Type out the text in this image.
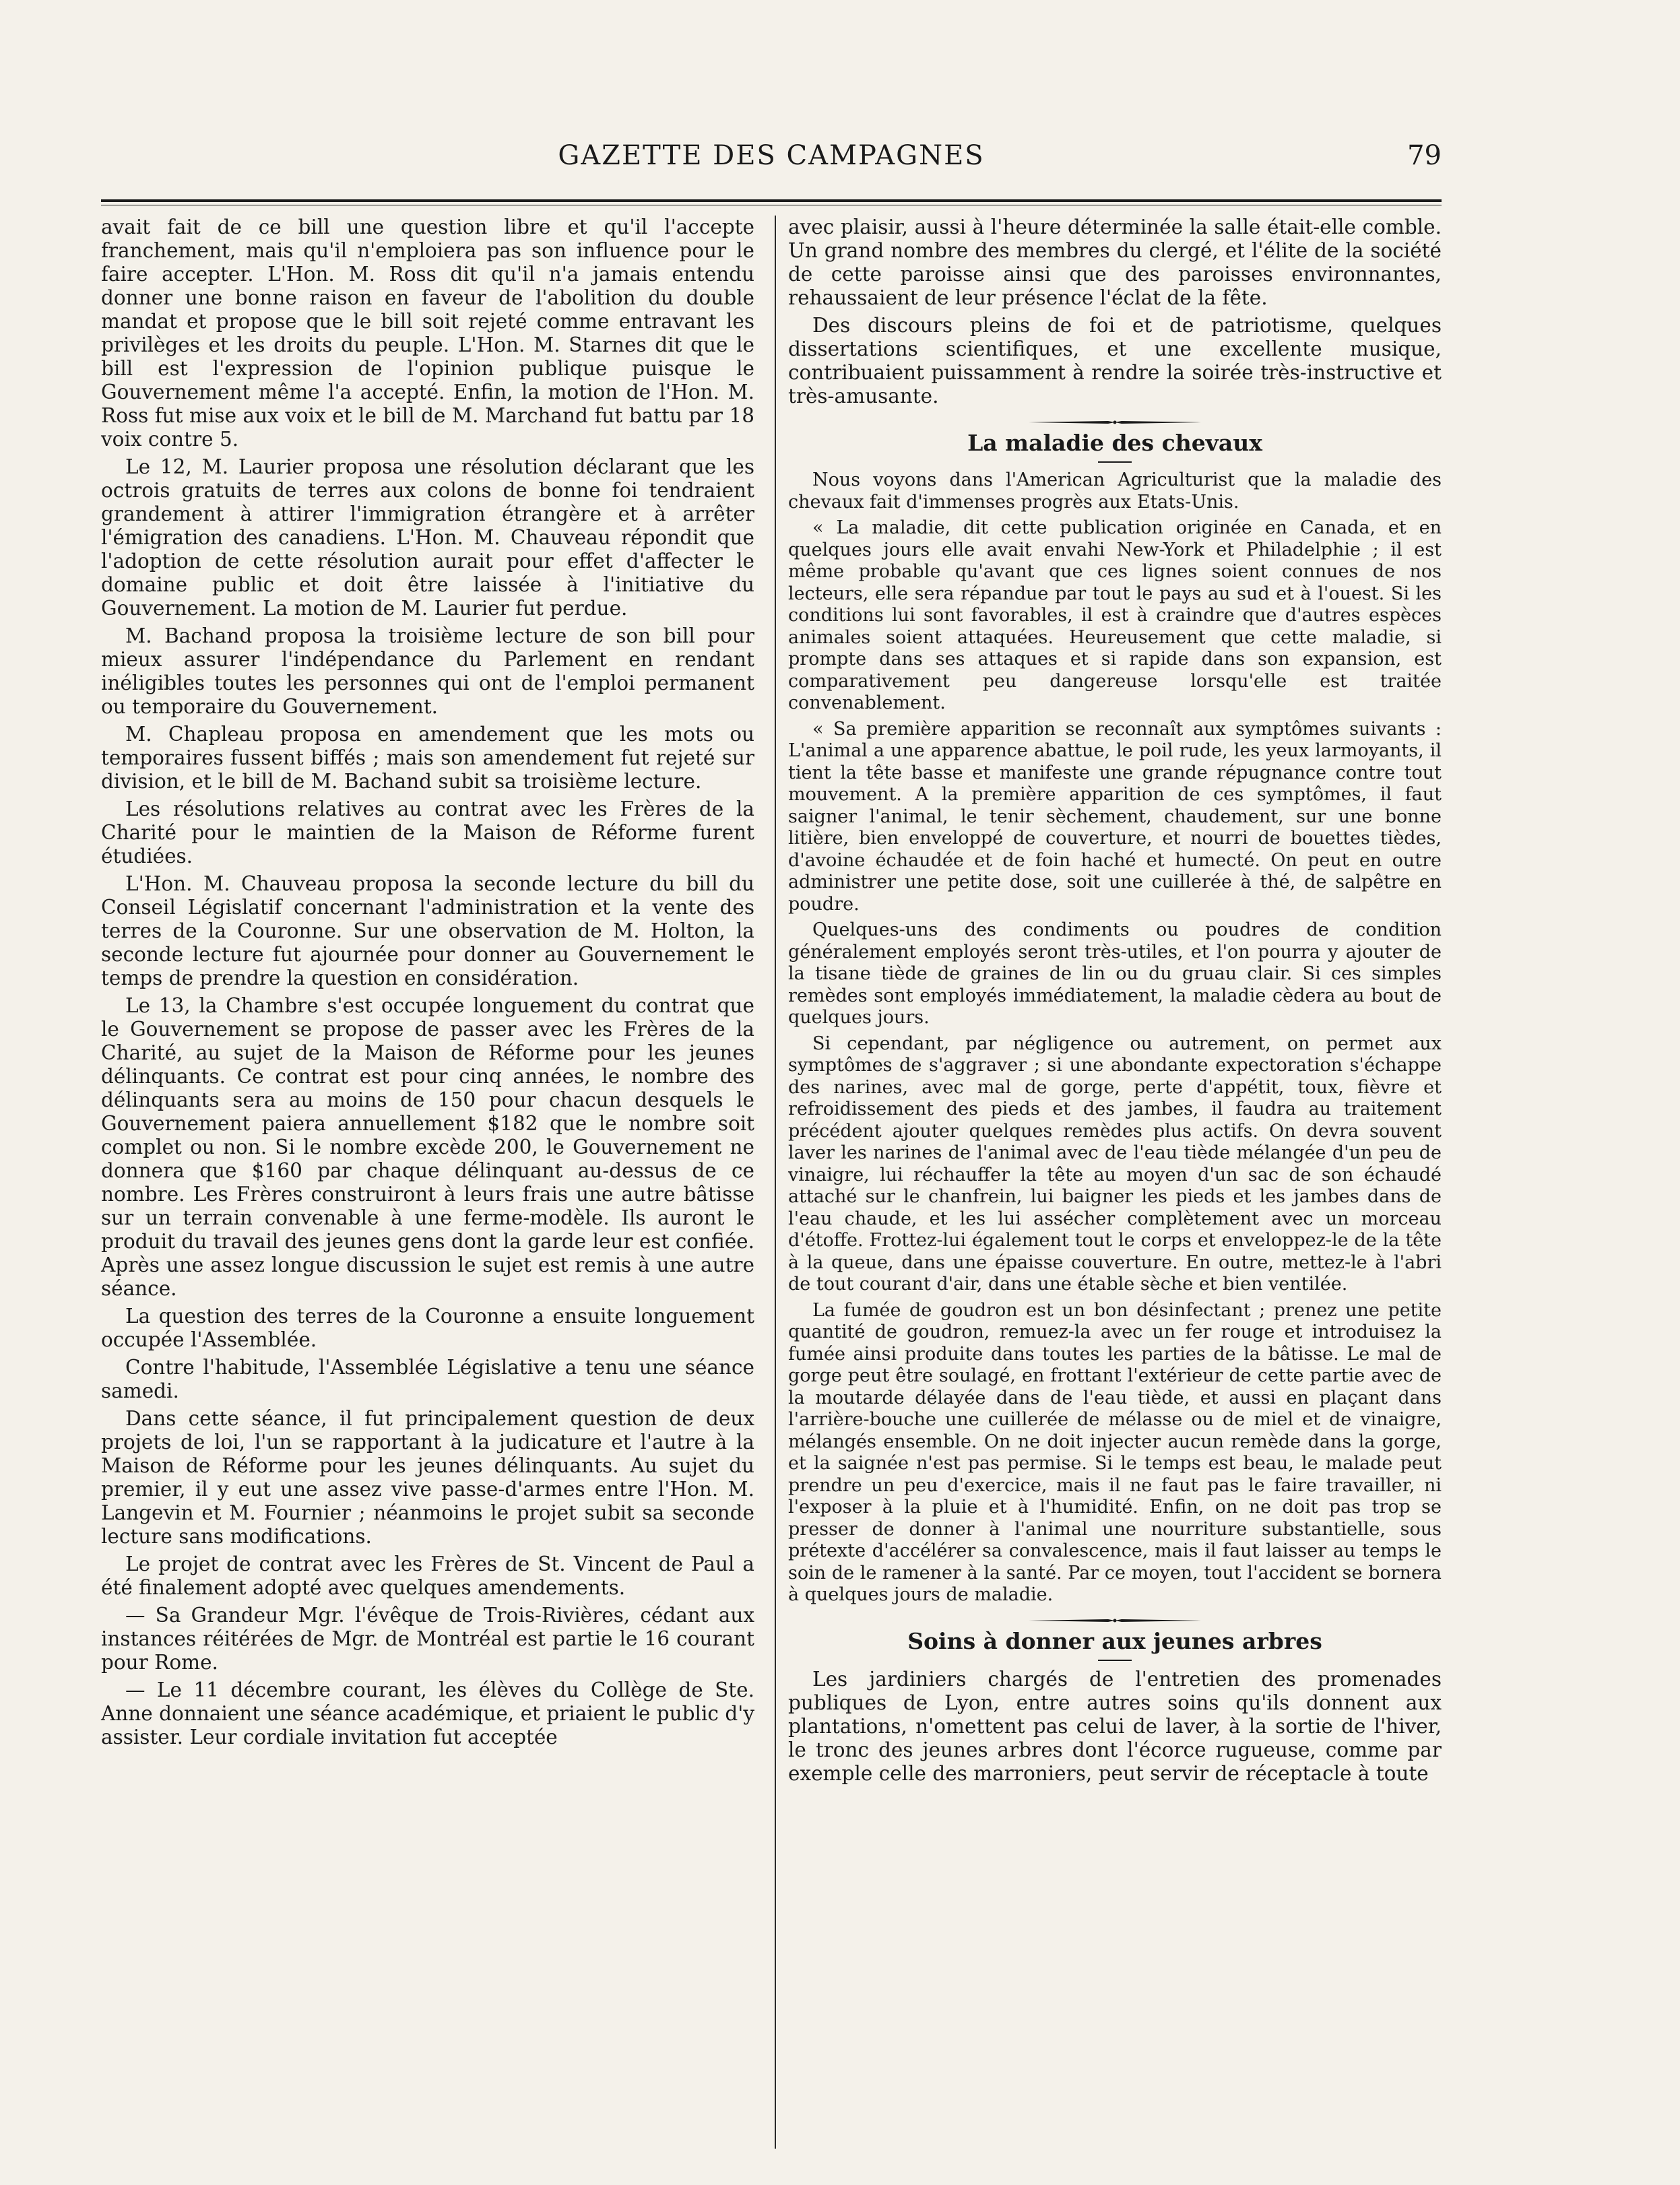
GAZETTE DES CAMPAGNES	79

avait fait de ce bill une question libre et qu'il l'accepte franchement, mais qu'il n'emploiera pas son influence pour le faire accepter. L'Hon. M. Ross dit qu'il n'a jamais entendu donner une bonne raison en faveur de l'abolition du double mandat et propose que le bill soit rejeté comme entravant les privilèges et les droits du peuple. L'Hon. M. Starnes dit que le bill est l'expression de l'opinion publique puisque le Gouvernement même l'a accepté. Enfin, la motion de l'Hon. M. Ross fut mise aux voix et le bill de M. Marchand fut battu par 18 voix contre 5.

Le 12, M. Laurier proposa une résolution déclarant que les octrois gratuits de terres aux colons de bonne foi tendraient grandement à attirer l'immigration étrangère et à arrêter l'émigration des canadiens. L'Hon. M. Chauveau répondit que l'adoption de cette résolution aurait pour effet d'affecter le domaine public et doit être laissée à l'initiative du Gouvernement. La motion de M. Laurier fut perdue.

M. Bachand proposa la troisième lecture de son bill pour mieux assurer l'indépendance du Parlement en rendant inéligibles toutes les personnes qui ont de l'emploi permanent ou temporaire du Gouvernement.

M. Chapleau proposa en amendement que les mots ou temporaires fussent biffés ; mais son amendement fut rejeté sur division, et le bill de M. Bachand subit sa troisième lecture.

Les résolutions relatives au contrat avec les Frères de la Charité pour le maintien de la Maison de Réforme furent étudiées.

L'Hon. M. Chauveau proposa la seconde lecture du bill du Conseil Législatif concernant l'administration et la vente des terres de la Couronne. Sur une observation de M. Holton, la seconde lecture fut ajournée pour donner au Gouvernement le temps de prendre la question en considération.

Le 13, la Chambre s'est occupée longuement du contrat que le Gouvernement se propose de passer avec les Frères de la Charité, au sujet de la Maison de Réforme pour les jeunes délinquants. Ce contrat est pour cinq années, le nombre des délinquants sera au moins de 150 pour chacun desquels le Gouvernement paiera annuellement $182 que le nombre soit complet ou non. Si le nombre excède 200, le Gouvernement ne donnera que $160 par chaque délinquant au-dessus de ce nombre. Les Frères construiront à leurs frais une autre bâtisse sur un terrain convenable à une ferme-modèle. Ils auront le produit du travail des jeunes gens dont la garde leur est confiée. Après une assez longue discussion le sujet est remis à une autre séance.

La question des terres de la Couronne a ensuite longuement occupée l'Assemblée.

Contre l'habitude, l'Assemblée Législative a tenu une séance samedi.

Dans cette séance, il fut principalement question de deux projets de loi, l'un se rapportant à la judicature et l'autre à la Maison de Réforme pour les jeunes délinquants. Au sujet du premier, il y eut une assez vive passe-d'armes entre l'Hon. M. Langevin et M. Fournier ; néanmoins le projet subit sa seconde lecture sans modifications.

Le projet de contrat avec les Frères de St. Vincent de Paul a été finalement adopté avec quelques amendements.

— Sa Grandeur Mgr. l'évêque de Trois-Rivières, cédant aux instances réitérées de Mgr. de Montréal est partie le 16 courant pour Rome.

— Le 11 décembre courant, les élèves du Collège de Ste. Anne donnaient une séance académique, et priaient le public d'y assister. Leur cordiale invitation fut acceptée

avec plaisir, aussi à l'heure déterminée la salle était-elle comble. Un grand nombre des membres du clergé, et l'élite de la société de cette paroisse ainsi que des paroisses environnantes, rehaussaient de leur présence l'éclat de la fête.

Des discours pleins de foi et de patriotisme, quelques dissertations scientifiques, et une excellente musique, contribuaient puissamment à rendre la soirée très-instructive et très-amusante.

La maladie des chevaux

Nous voyons dans l'American Agriculturist que la maladie des chevaux fait d'immenses progrès aux Etats-Unis.

« La maladie, dit cette publication originée en Canada, et en quelques jours elle avait envahi New-York et Philadelphie ; il est même probable qu'avant que ces lignes soient connues de nos lecteurs, elle sera répandue par tout le pays au sud et à l'ouest. Si les conditions lui sont favorables, il est à craindre que d'autres espèces animales soient attaquées. Heureusement que cette maladie, si prompte dans ses attaques et si rapide dans son expansion, est comparativement peu dangereuse lorsqu'elle est traitée convenablement.

« Sa première apparition se reconnaît aux symptômes suivants : L'animal a une apparence abattue, le poil rude, les yeux larmoyants, il tient la tête basse et manifeste une grande répugnance contre tout mouvement. A la première apparition de ces symptômes, il faut saigner l'animal, le tenir sèchement, chaudement, sur une bonne litière, bien enveloppé de couverture, et nourri de bouettes tièdes, d'avoine échaudée et de foin haché et humecté. On peut en outre administrer une petite dose, soit une cuillerée à thé, de salpêtre en poudre.

Quelques-uns des condiments ou poudres de condition généralement employés seront très-utiles, et l'on pourra y ajouter de la tisane tiède de graines de lin ou du gruau clair. Si ces simples remèdes sont employés immédiatement, la maladie cèdera au bout de quelques jours.

Si cependant, par négligence ou autrement, on permet aux symptômes de s'aggraver ; si une abondante expectoration s'échappe des narines, avec mal de gorge, perte d'appétit, toux, fièvre et refroidissement des pieds et des jambes, il faudra au traitement précédent ajouter quelques remèdes plus actifs. On devra souvent laver les narines de l'animal avec de l'eau tiède mélangée d'un peu de vinaigre, lui réchauffer la tête au moyen d'un sac de son échaudé attaché sur le chanfrein, lui baigner les pieds et les jambes dans de l'eau chaude, et les lui assécher complètement avec un morceau d'étoffe. Frottez-lui également tout le corps et enveloppez-le de la tête à la queue, dans une épaisse couverture. En outre, mettez-le à l'abri de tout courant d'air, dans une étable sèche et bien ventilée.

La fumée de goudron est un bon désinfectant ; prenez une petite quantité de goudron, remuez-la avec un fer rouge et introduisez la fumée ainsi produite dans toutes les parties de la bâtisse. Le mal de gorge peut être soulagé, en frottant l'extérieur de cette partie avec de la moutarde délayée dans de l'eau tiède, et aussi en plaçant dans l'arrière-bouche une cuillerée de mélasse ou de miel et de vinaigre, mélangés ensemble. On ne doit injecter aucun remède dans la gorge, et la saignée n'est pas permise. Si le temps est beau, le malade peut prendre un peu d'exercice, mais il ne faut pas le faire travailler, ni l'exposer à la pluie et à l'humidité. Enfin, on ne doit pas trop se presser de donner à l'animal une nourriture substantielle, sous prétexte d'accélérer sa convalescence, mais il faut laisser au temps le soin de le ramener à la santé. Par ce moyen, tout l'accident se bornera à quelques jours de maladie.

Soins à donner aux jeunes arbres

Les jardiniers chargés de l'entretien des promenades publiques de Lyon, entre autres soins qu'ils donnent aux plantations, n'omettent pas celui de laver, à la sortie de l'hiver, le tronc des jeunes arbres dont l'écorce rugueuse, comme par exemple celle des marroniers, peut servir de réceptacle à toute
